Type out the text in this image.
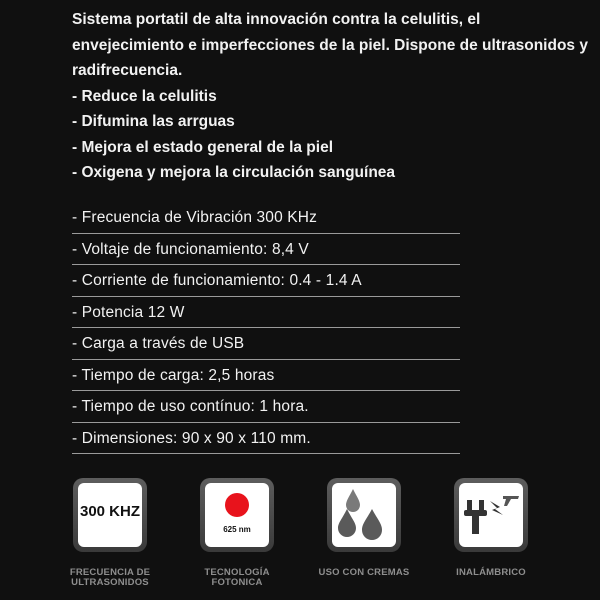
Sistema portatil de alta innovación contra la celulitis, el envejecimiento e imperfecciones de la piel. Dispone de ultrasonidos y radifrecuencia.

- Reduce la celulitis
- Difumina las arrguas
- Mejora el estado general de la piel
- Oxigena y mejora la circulación sanguínea
- Frecuencia de Vibración 300 KHz
- Voltaje de funcionamiento: 8,4 V
- Corriente de funcionamiento: 0.4 - 1.4 A
- Potencia 12 W
- Carga a través de USB
- Tiempo de carga: 2,5 horas
- Tiempo de uso contínuo: 1 hora.
- Dimensiones: 90 x 90 x 110 mm.
300 KHZ
FRECUENCIA DE ULTRASONIDOS
625 nm
TECNOLOGÍA FOTONICA
USO CON CREMAS	INALÁMBRICO
